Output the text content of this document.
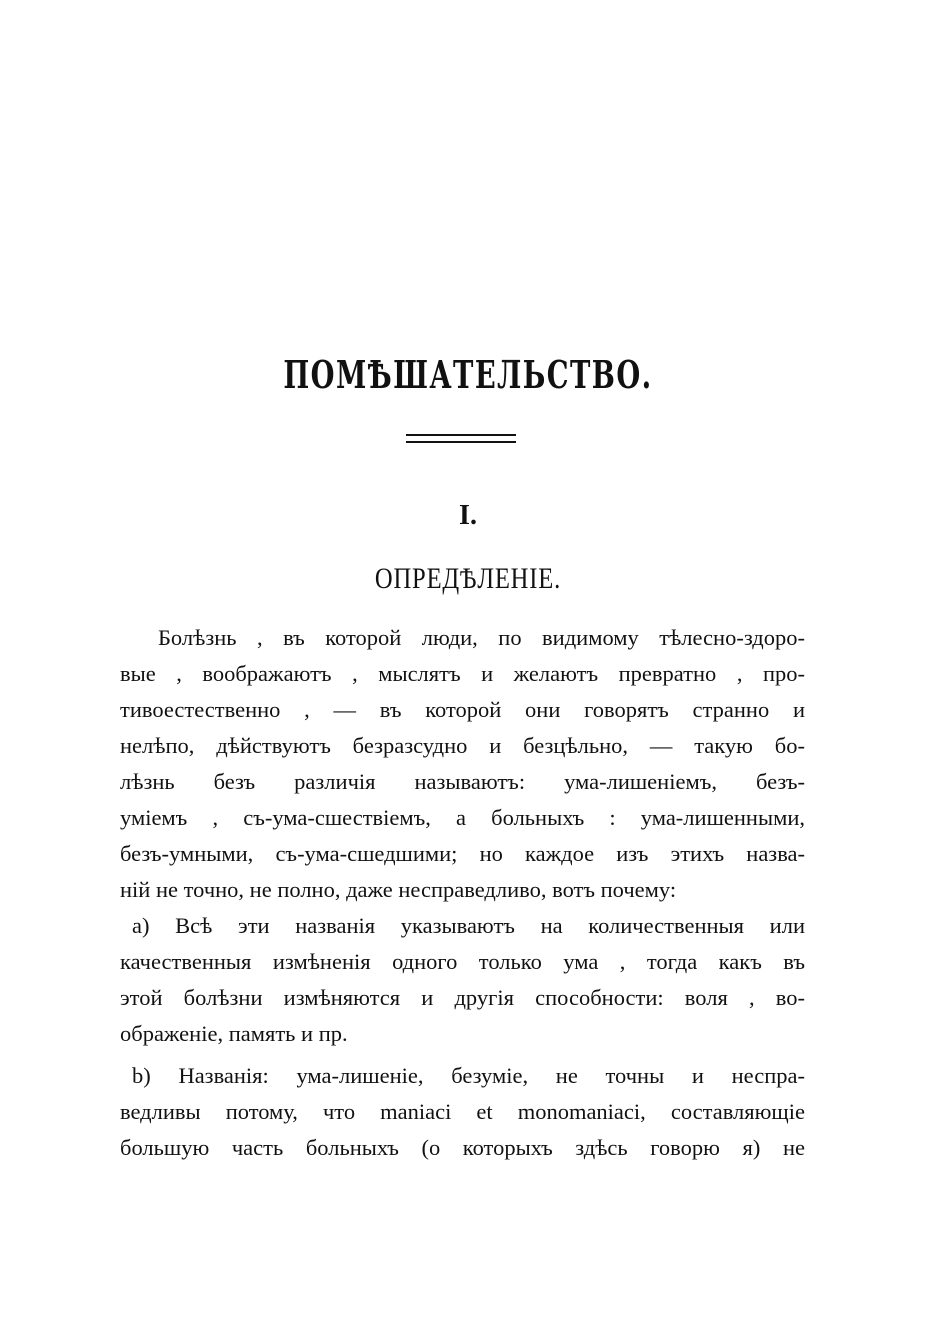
ПОМѢШАТЕЛЬСТВО.
I.
ОПРЕДѢЛЕНІЕ.
Болѣзнь , въ которой люди, по видимому тѣлесно-здоро-
вые , воображаютъ , мыслятъ и желаютъ превратно , про-
тивоестественно , — въ которой они говорятъ странно и
нелѣпо, дѣйствуютъ безразсудно и безцѣльно, — такую бо-
лѣзнь безъ различія называютъ: ума-лишеніемъ, безъ-
уміемъ , съ-ума-сшествіемъ, а больныхъ : ума-лишенными,
безъ-умными, съ-ума-сшедшими; но каждое изъ этихъ назва-
ній не точно, не полно, даже несправедливо, вотъ почему:
a) Всѣ эти названія указываютъ на количественныя или
качественныя измѣненія одного только ума , тогда какъ въ
этой болѣзни измѣняются и другія способности: воля , во-
ображеніе, память и пр.
b) Названія: ума-лишеніе, безуміе, не точны и неспра-
ведливы потому, что maniaci et monomaniaci, составляющіе
большую часть больныхъ (о которыхъ здѣсь говорю я) не
